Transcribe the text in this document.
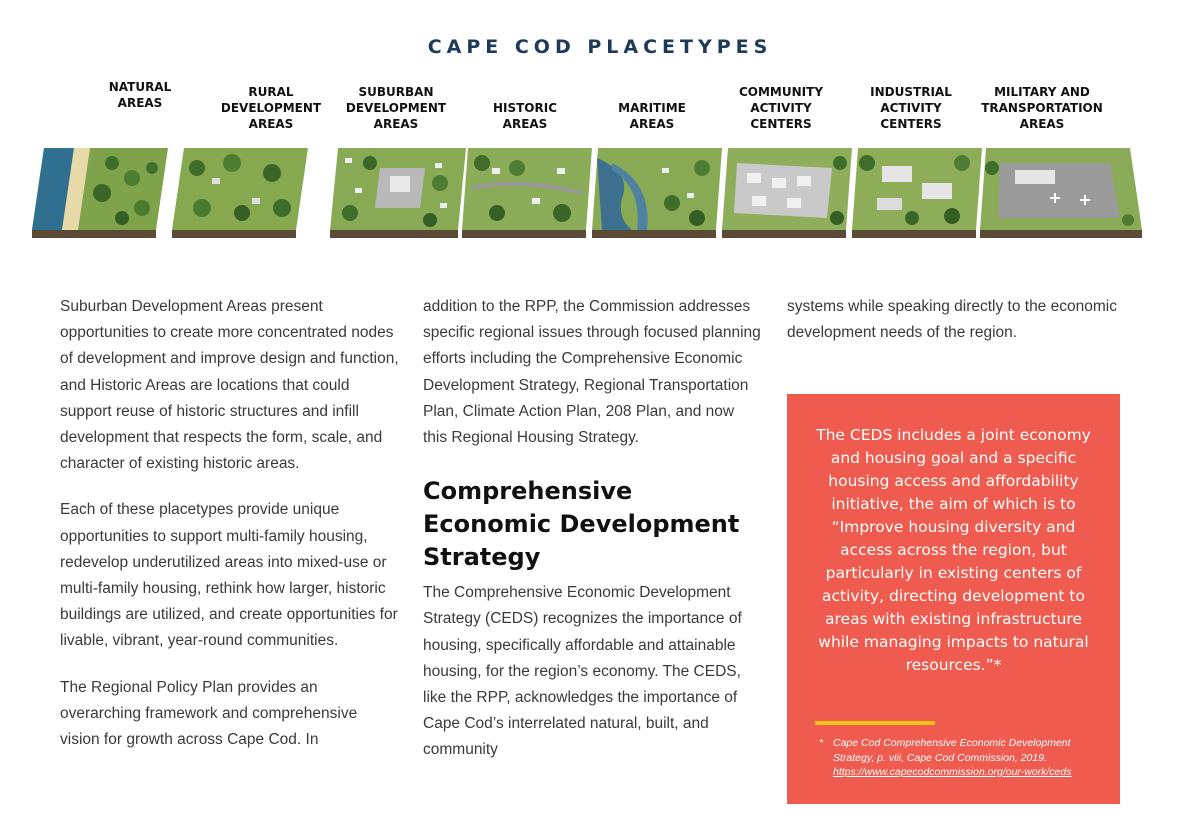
CAPE COD PLACETYPES
NATURAL
AREAS
RURAL
DEVELOPMENT
AREAS
SUBURBAN
DEVELOPMENT
AREAS
HISTORIC
AREAS
MARITIME
AREAS
COMMUNITY
ACTIVITY
CENTERS
INDUSTRIAL
ACTIVITY
CENTERS
MILITARY AND
TRANSPORTATION
AREAS

Suburban Development Areas present opportunities to create more concentrated nodes of development and improve design and function, and Historic Areas are locations that could support reuse of historic structures and infill development that respects the form, scale, and character of existing historic areas.

Each of these placetypes provide unique opportunities to support multi-family housing, redevelop underutilized areas into mixed-use or multi-family housing, rethink how larger, historic buildings are utilized, and create opportunities for livable, vibrant, year-round communities.

The Regional Policy Plan provides an overarching framework and comprehensive vision for growth across Cape Cod. In

addition to the RPP, the Commission addresses specific regional issues through focused planning efforts including the Comprehensive Economic Development Strategy, Regional Transportation Plan, Climate Action Plan, 208 Plan, and now this Regional Housing Strategy.

Comprehensive Economic Development Strategy

The Comprehensive Economic Development Strategy (CEDS) recognizes the importance of housing, specifically affordable and attainable housing, for the region’s economy. The CEDS, like the RPP, acknowledges the importance of Cape Cod’s interrelated natural, built, and community

systems while speaking directly to the economic development needs of the region.

The CEDS includes a joint economy and housing goal and a specific housing access and affordability initiative, the aim of which is to “Improve housing diversity and access across the region, but particularly in existing centers of activity, directing development to areas with existing infrastructure while managing impacts to natural resources.”*
* Cape Cod Comprehensive Economic Development Strategy, p. viii, Cape Cod Commission, 2019. https://www.capecodcommission.org/our-work/ceds
